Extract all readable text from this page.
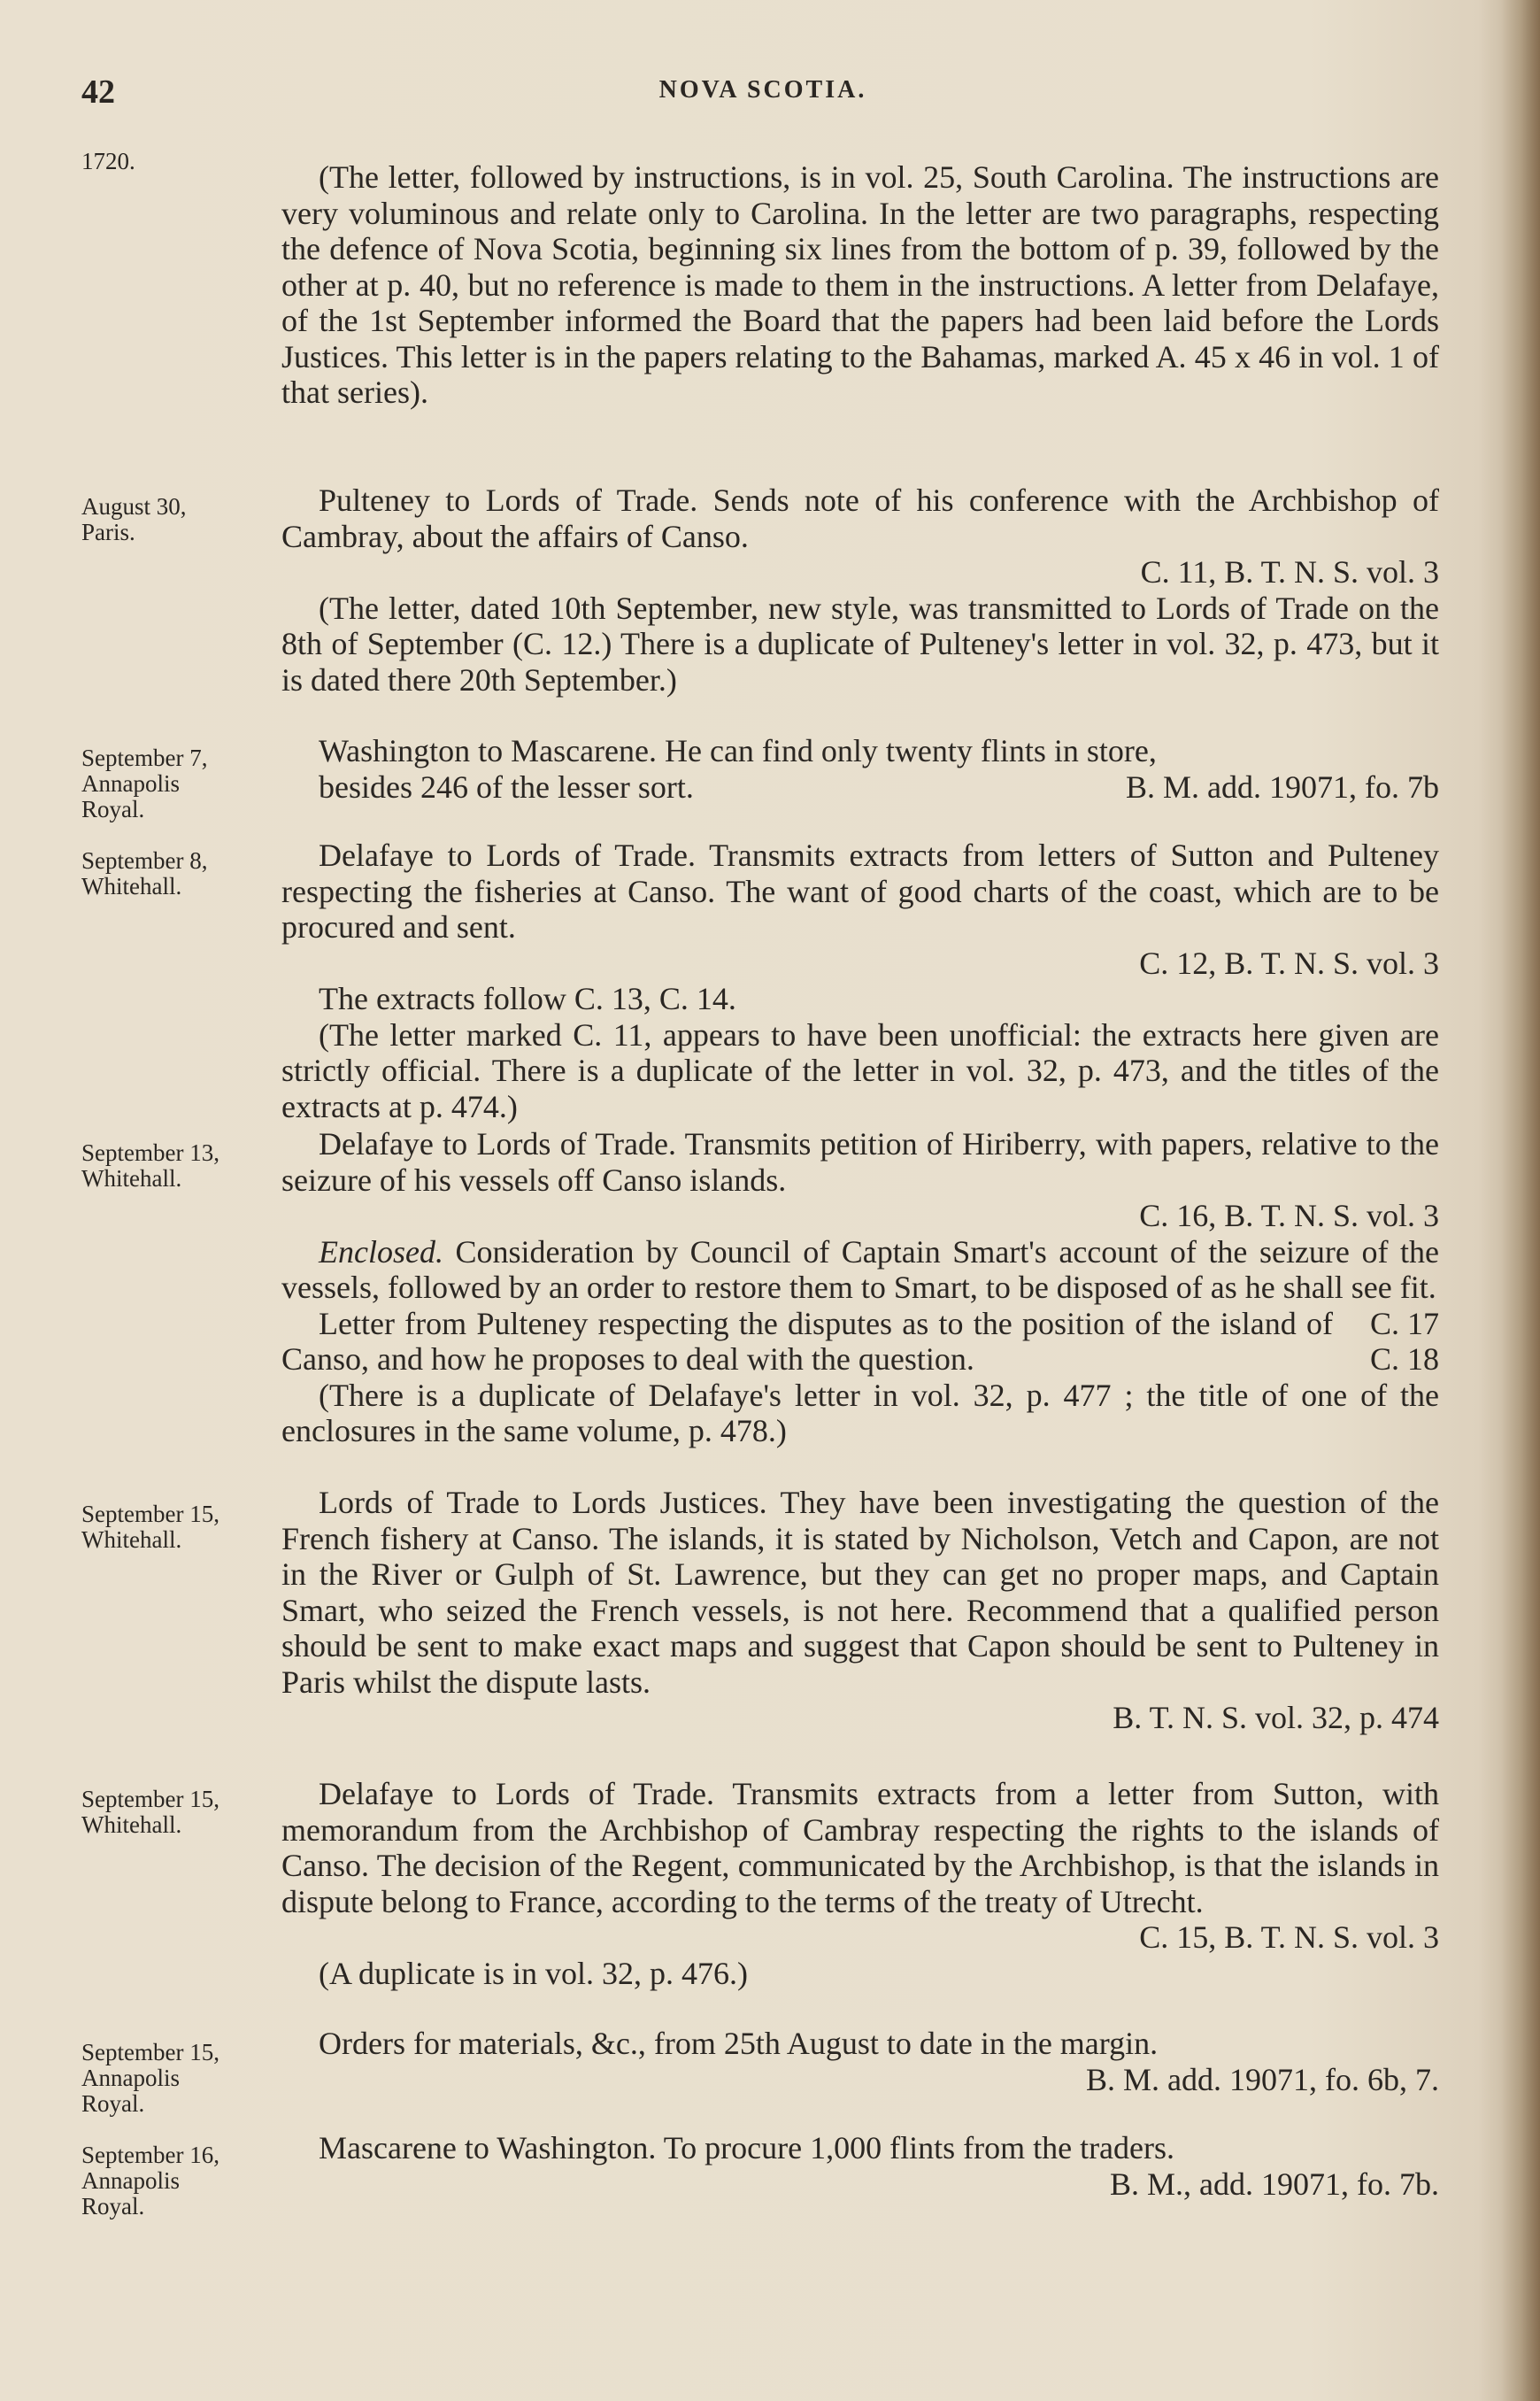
42	NOVA SCOTIA.
1720.	(The letter, followed by instructions, is in vol. 25, South Carolina. The instructions are very voluminous and relate only to Carolina. In the letter are two paragraphs, respecting the defence of Nova Scotia, beginning six lines from the bottom of p. 39, followed by the other at p. 40, but no reference is made to them in the instructions. A letter from Delafaye, of the 1st September informed the Board that the papers had been laid before the Lords Justices. This letter is in the papers relating to the Bahamas, marked A. 45 x 46 in vol. 1 of that series).

August 30,
Paris.

Pulteney to Lords of Trade. Sends note of his conference with the Archbishop of Cambray, about the affairs of Canso.

C. 11, B. T. N. S. vol. 3

(The letter, dated 10th September, new style, was transmitted to Lords of Trade on the 8th of September (C. 12.) There is a duplicate of Pulteney's letter in vol. 32, p. 473, but it is dated there 20th September.)

September 7,
Annapolis
Royal.

Washington to Mascarene. He can find only twenty flints in store,

besides 246 of the lesser sort.	B. M. add. 19071, fo. 7b
September 8,
Whitehall.

Delafaye to Lords of Trade. Transmits extracts from letters of Sutton and Pulteney respecting the fisheries at Canso. The want of good charts of the coast, which are to be procured and sent.

C. 12, B. T. N. S. vol. 3

The extracts follow C. 13, C. 14.

(The letter marked C. 11, appears to have been unofficial: the extracts here given are strictly official. There is a duplicate of the letter in vol. 32, p. 473, and the titles of the extracts at p. 474.)

September 13,
Whitehall.

Delafaye to Lords of Trade. Transmits petition of Hiriberry, with papers, relative to the seizure of his vessels off Canso islands.

C. 16, B. T. N. S. vol. 3

Enclosed. Consideration by Council of Captain Smart's account of the seizure of the vessels, followed by an order to restore them to Smart, to be disposed of as he shall see fit.
C. 17

Letter from Pulteney respecting the disputes as to the position of the island of Canso, and how he proposes to deal with the question.	C. 18

(There is a duplicate of Delafaye's letter in vol. 32, p. 477 ; the title of one of the enclosures in the same volume, p. 478.)

September 15,
Whitehall.

Lords of Trade to Lords Justices. They have been investigating the question of the French fishery at Canso. The islands, it is stated by Nicholson, Vetch and Capon, are not in the River or Gulph of St. Lawrence, but they can get no proper maps, and Captain Smart, who seized the French vessels, is not here. Recommend that a qualified person should be sent to make exact maps and suggest that Capon should be sent to Pulteney in Paris whilst the dispute lasts.

B. T. N. S. vol. 32, p. 474

September 15,
Whitehall.

Delafaye to Lords of Trade. Transmits extracts from a letter from Sutton, with memorandum from the Archbishop of Cambray respecting the rights to the islands of Canso. The decision of the Regent, communicated by the Archbishop, is that the islands in dispute belong to France, according to the terms of the treaty of Utrecht.

C. 15, B. T. N. S. vol. 3

(A duplicate is in vol. 32, p. 476.)

September 15,
Annapolis
Royal.

Orders for materials, &c., from 25th August to date in the margin.

B. M. add. 19071, fo. 6b, 7.

September 16,
Annapolis
Royal.

Mascarene to Washington. To procure 1,000 flints from the traders.

B. M., add. 19071, fo. 7b.
